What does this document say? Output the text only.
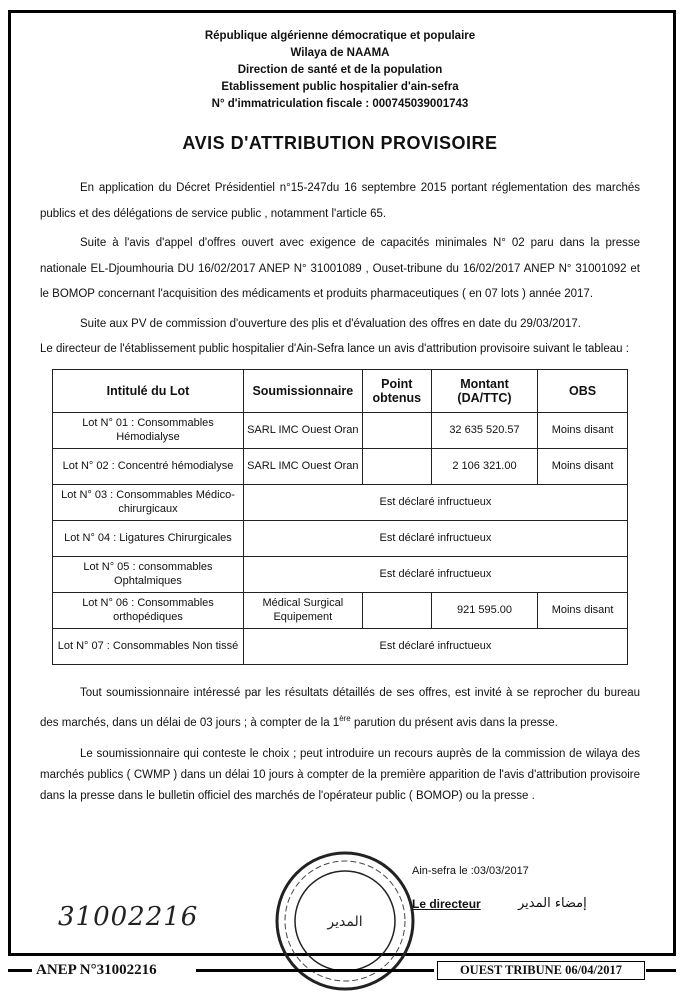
République algérienne démocratique et populaire
Wilaya de NAAMA
Direction de santé et de la population
Etablissement public hospitalier d'ain-sefra
N° d'immatriculation fiscale : 000745039001743
AVIS D'ATTRIBUTION PROVISOIRE

En application du Décret Présidentiel n°15-247du 16 septembre 2015 portant réglementation des marchés publics et des délégations de service public , notamment l'article 65.

Suite à l'avis d'appel d'offres ouvert avec exigence de capacités minimales N° 02 paru dans la presse nationale EL-Djoumhouria DU 16/02/2017 ANEP N° 31001089 , Ouset-tribune du 16/02/2017 ANEP N° 31001092 et le BOMOP concernant l'acquisition des médicaments et produits pharmaceutiques ( en 07 lots ) année 2017.

Suite aux PV de commission d'ouverture des plis et d'évaluation des offres en date du 29/03/2017.

Le directeur de l'établissement public hospitalier d'Ain-Sefra lance un avis d'attribution provisoire suivant le tableau :

Intitulé du Lot	Soumissionnaire	Point obtenus	Montant (DA/TTC)	OBS
Lot N° 01 : Consommables Hémodialyse	SARL IMC Ouest Oran		32 635 520.57	Moins disant
Lot N° 02 : Concentré hémodialyse	SARL IMC Ouest Oran		2 106 321.00	Moins disant
Lot N° 03 : Consommables Médico-chirurgicaux	Est déclaré infructueux			
Lot N° 04 : Ligatures Chirurgicales	Est déclaré infructueux			
Lot N° 05 : consommables Ophtalmiques	Est déclaré infructueux			
Lot N° 06 : Consommables orthopédiques	Médical Surgical Equipement		921 595.00	Moins disant
Lot N° 07 : Consommables Non tissé	Est déclaré infructueux			

Tout soumissionnaire intéressé par les résultats détaillés de ses offres, est invité à se reprocher du bureau des marchés, dans un délai de 03 jours ; à compter de la 1ère parution du présent avis dans la presse.

Le soumissionnaire qui conteste le choix ; peut introduire un recours auprès de la commission de wilaya des marchés publics ( CWMP ) dans un délai 10 jours à compter de la première apparition de l'avis d'attribution provisoire dans la presse dans le bulletin officiel des marchés de l'opérateur public ( BOMOP) ou la presse .

المدير
Ain-sefra le :03/03/2017
Le directeur	إمضاء المدير
31002216
ANEP N°31002216	OUEST TRIBUNE 06/04/2017
